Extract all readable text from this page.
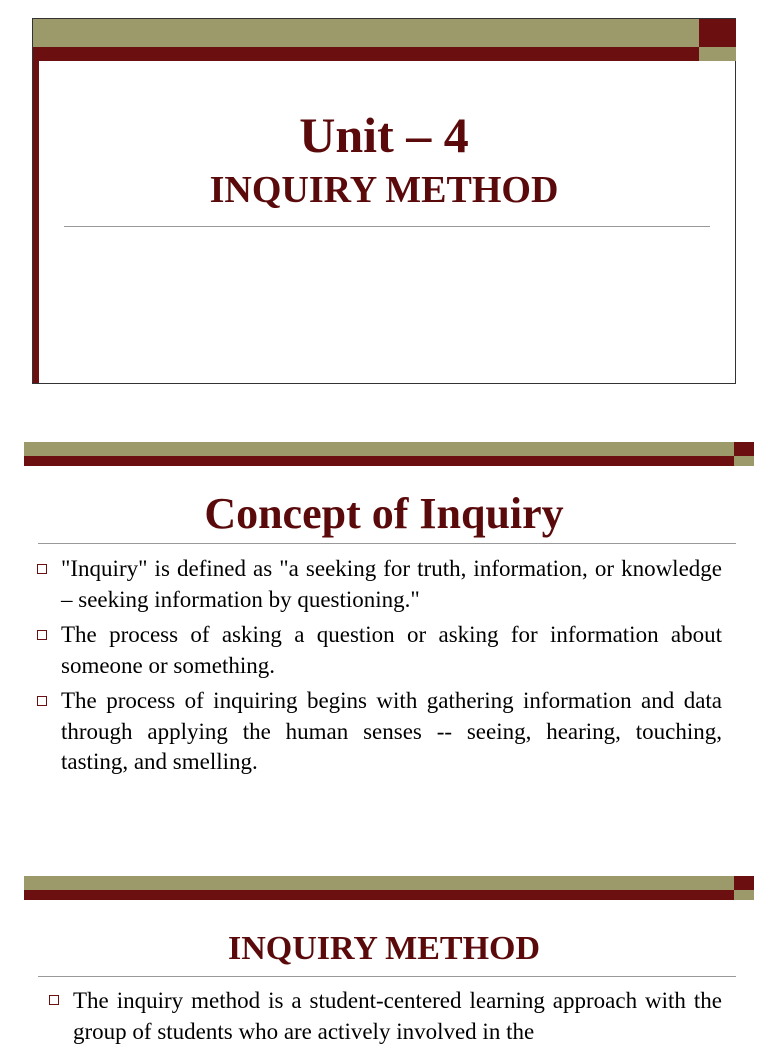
Unit – 4
INQUIRY METHOD
Concept of Inquiry
"Inquiry" is defined as "a seeking for truth, information, or knowledge – seeking information by questioning."
The process of asking a question or asking for information about someone or something.
The process of inquiring begins with gathering information and data through applying the human senses -- seeing, hearing, touching, tasting, and smelling.
INQUIRY METHOD
The inquiry method is a student-centered learning approach with the group of students who are actively involved in the
